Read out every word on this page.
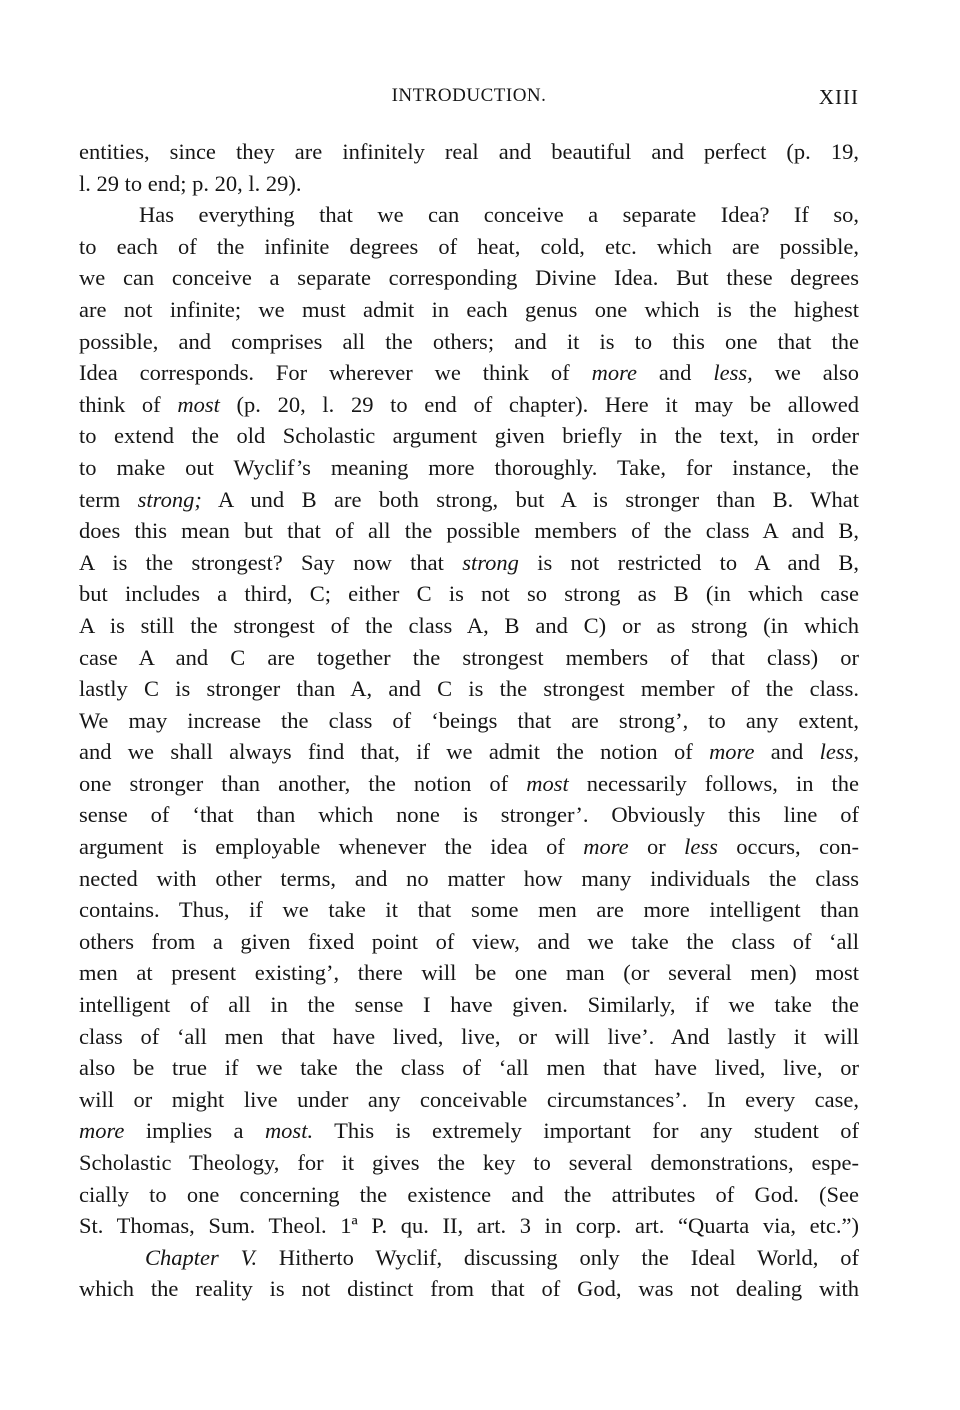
INTRODUCTION.	XIII
entities, since they are infinitely real and beautiful and perfect (p. 19,
l. 29 to end; p. 20, l. 29).
Has everything that we can conceive a separate Idea? If so,
to each of the infinite degrees of heat, cold, etc. which are possible,
we can conceive a separate corresponding Divine Idea. But these degrees
are not infinite; we must admit in each genus one which is the highest
possible, and comprises all the others; and it is to this one that the
Idea corresponds. For wherever we think of more and less, we also
think of most (p. 20, l. 29 to end of chapter). Here it may be allowed
to extend the old Scholastic argument given briefly in the text, in order
to make out Wyclif’s meaning more thoroughly. Take, for instance, the
term strong; A und B are both strong, but A is stronger than B. What
does this mean but that of all the possible members of the class A and B,
A is the strongest? Say now that strong is not restricted to A and B,
but includes a third, C; either C is not so strong as B (in which case
A is still the strongest of the class A, B and C) or as strong (in which
case A and C are together the strongest members of that class) or
lastly C is stronger than A, and C is the strongest member of the class.
We may increase the class of ‘beings that are strong’, to any extent,
and we shall always find that, if we admit the notion of more and less,
one stronger than another, the notion of most necessarily follows, in the
sense of ‘that than which none is stronger’. Obviously this line of
argument is employable whenever the idea of more or less occurs, con-
nected with other terms, and no matter how many individuals the class
contains. Thus, if we take it that some men are more intelligent than
others from a given fixed point of view, and we take the class of ‘all
men at present existing’, there will be one man (or several men) most
intelligent of all in the sense I have given. Similarly, if we take the
class of ‘all men that have lived, live, or will live’. And lastly it will
also be true if we take the class of ‘all men that have lived, live, or
will or might live under any conceivable circumstances’. In every case,
more implies a most. This is extremely important for any student of
Scholastic Theology, for it gives the key to several demonstrations, espe-
cially to one concerning the existence and the attributes of God. (See
St. Thomas, Sum. Theol. 1ª P. qu. II, art. 3 in corp. art. “Quarta via, etc.”)
Chapter V. Hitherto Wyclif, discussing only the Ideal World, of
which the reality is not distinct from that of God, was not dealing with
